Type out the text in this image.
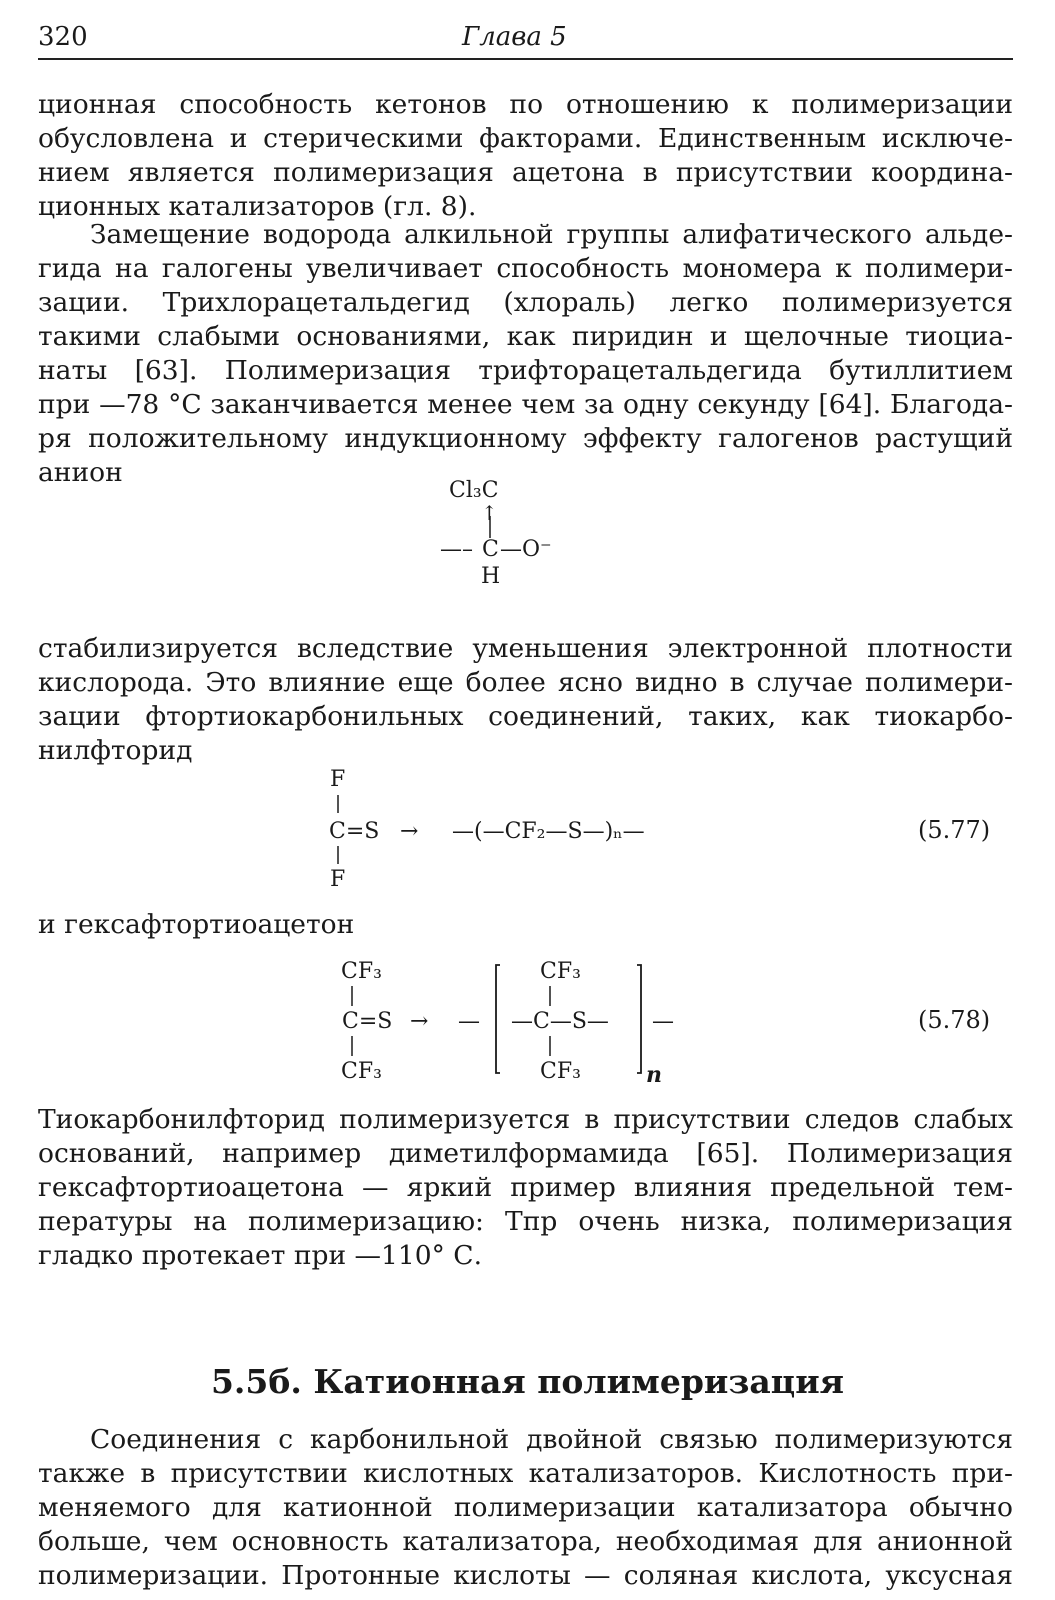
320	Глава 5
ционная способность кетонов по отношению к полимеризации
обусловлена и стерическими факторами. Единственным исключе-
нием является полимеризация ацетона в присутствии координа-
ционных катализаторов (гл. 8).
Замещение водорода алкильной группы алифатического альде-
гида на галогены увеличивает способность мономера к полимери-
зации. Трихлорацетальдегид (хлораль) легко полимеризуется
такими слабыми основаниями, как пиридин и щелочные тиоциа-
наты [63]. Полимеризация трифторацетальдегида бутиллитием
при —78 °C заканчивается менее чем за одну секунду [64]. Благода-
ря положительному индукционному эффекту галогенов растущий
анион
Cl₃C
↑
—– C —O⁻
H
F
C=S → —(—CF₂—S—)ₙ—
F
(5.77)
CF₃
C=S → —
CF₃
CF₃
—C—S—
CF₃	n
—	(5.78)
стабилизируется вследствие уменьшения электронной плотности
кислорода. Это влияние еще более ясно видно в случае полимери-
зации фтортиокарбонильных соединений, таких, как тиокарбо-
нилфторид
и гексафтортиоацетон
Тиокарбонилфторид полимеризуется в присутствии следов слабых
оснований, например диметилформамида [65]. Полимеризация
гексафтортиоацетона — яркий пример влияния предельной тем-
пературы на полимеризацию: Tпр очень низка, полимеризация
гладко протекает при —110° С.
5.5б. Катионная полимеризация
Соединения с карбонильной двойной связью полимеризуются
также в присутствии кислотных катализаторов. Кислотность при-
меняемого для катионной полимеризации катализатора обычно
больше, чем основность катализатора, необходимая для анионной
полимеризации. Протонные кислоты — соляная кислота, уксусная
